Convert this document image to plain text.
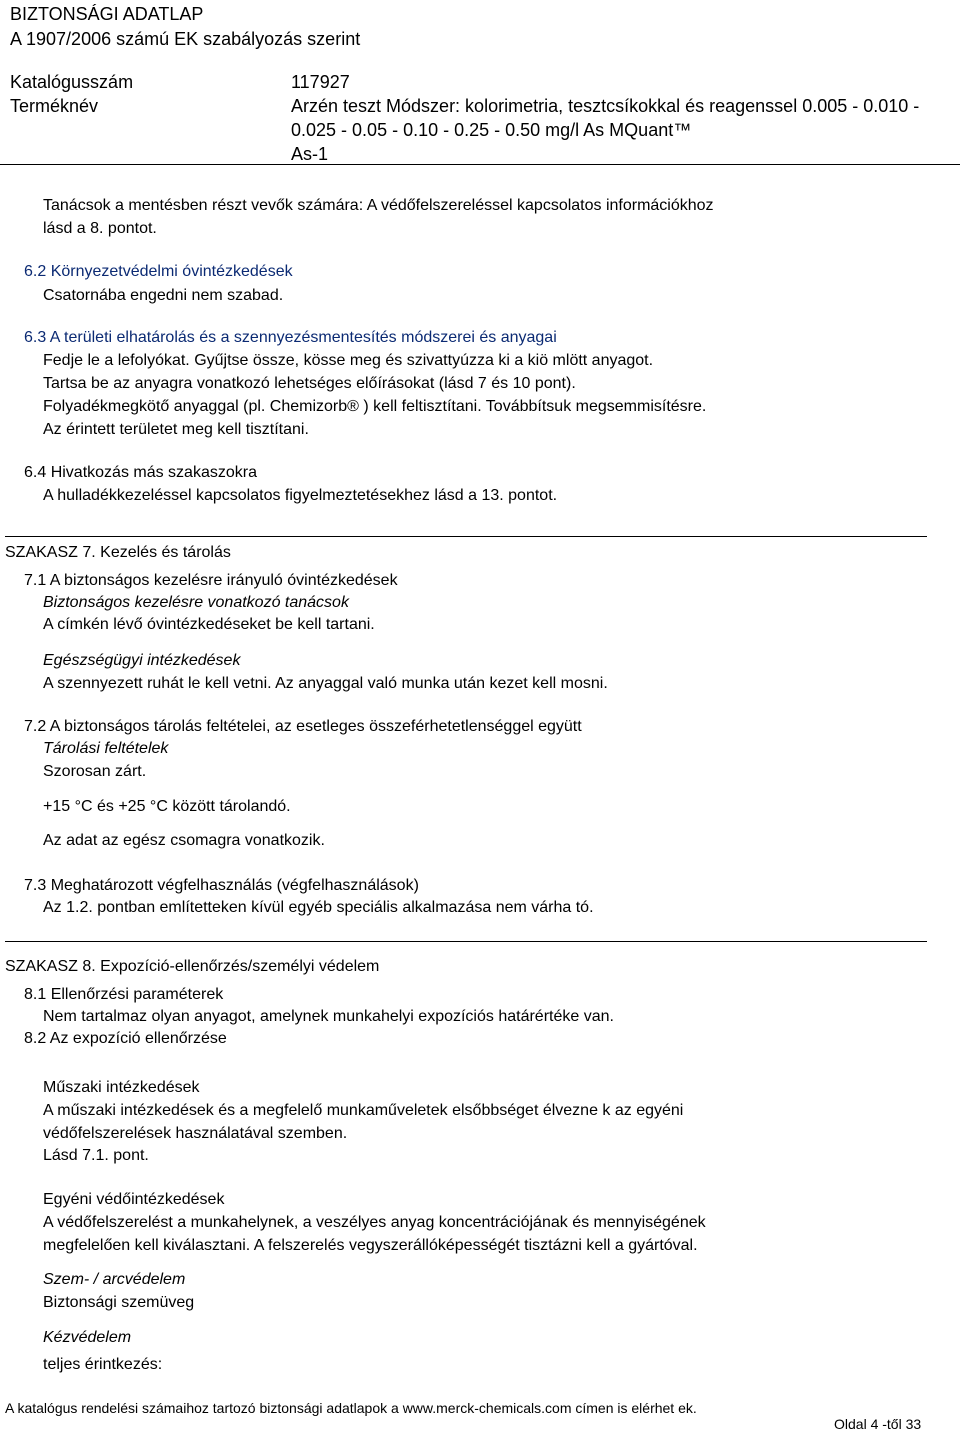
BIZTONSÁGI ADATLAP
A 1907/2006 számú EK szabályozás szerint
Katalógusszám	117927
Terméknév	Arzén teszt Módszer: kolorimetria, tesztcsíkokkal és reagenssel 0.005 - 0.010 -
0.025 - 0.05 - 0.10 - 0.25 - 0.50 mg/l As MQuant™
As-1
Tanácsok a mentésben részt vevők számára: A védőfelszereléssel kapcsolatos információkhoz
lásd a 8. pontot.
6.2 Környezetvédelmi óvintézkedések
Csatornába engedni nem szabad.
6.3 A területi elhatárolás és a szennyezésmentesítés módszerei és anyagai
Fedje le a lefolyókat. Gyűjtse össze, kösse meg és szivattyúzza ki a kiö mlött anyagot.
Tartsa be az anyagra vonatkozó lehetséges előírásokat (lásd 7 és 10 pont).
Folyadékmegkötő anyaggal (pl. Chemizorb® ) kell feltisztítani. Továbbítsuk megsemmisítésre.
Az érintett területet meg kell tisztítani.
6.4 Hivatkozás más szakaszokra
A hulladékkezeléssel kapcsolatos figyelmeztetésekhez lásd a 13. pontot.
SZAKASZ 7. Kezelés és tárolás
7.1 A biztonságos kezelésre irányuló óvintézkedések
Biztonságos kezelésre vonatkozó tanácsok
A címkén lévő óvintézkedéseket be kell tartani.
Egészségügyi intézkedések
A szennyezett ruhát le kell vetni. Az anyaggal való munka után kezet kell mosni.
7.2 A biztonságos tárolás feltételei, az esetleges összeférhetetlenséggel együtt
Tárolási feltételek
Szorosan zárt.
+15 °C és +25 °C között tárolandó.
Az adat az egész csomagra vonatkozik.
7.3 Meghatározott végfelhasználás (végfelhasználások)
Az 1.2. pontban említetteken kívül egyéb speciális alkalmazása nem várha tó.
SZAKASZ 8. Expozíció-ellenőrzés/személyi védelem
8.1 Ellenőrzési paraméterek
Nem tartalmaz olyan anyagot, amelynek munkahelyi expozíciós határértéke van.
8.2 Az expozíció ellenőrzése
Műszaki intézkedések
A műszaki intézkedések és a megfelelő munkaműveletek elsőbbséget élvezne k az egyéni
védőfelszerelések használatával szemben.
Lásd 7.1. pont.
Egyéni védőintézkedések
A védőfelszerelést a munkahelynek, a veszélyes anyag koncentrációjának és mennyiségének
megfelelően kell kiválasztani. A felszerelés vegyszerállóképességét tisztázni kell a gyártóval.
Szem- / arcvédelem
Biztonsági szemüveg
Kézvédelem
teljes érintkezés:
A katalógus rendelési számaihoz tartozó biztonsági adatlapok a www.merck-chemicals.com címen is elérhet ek.
Oldal 4 -től 33
